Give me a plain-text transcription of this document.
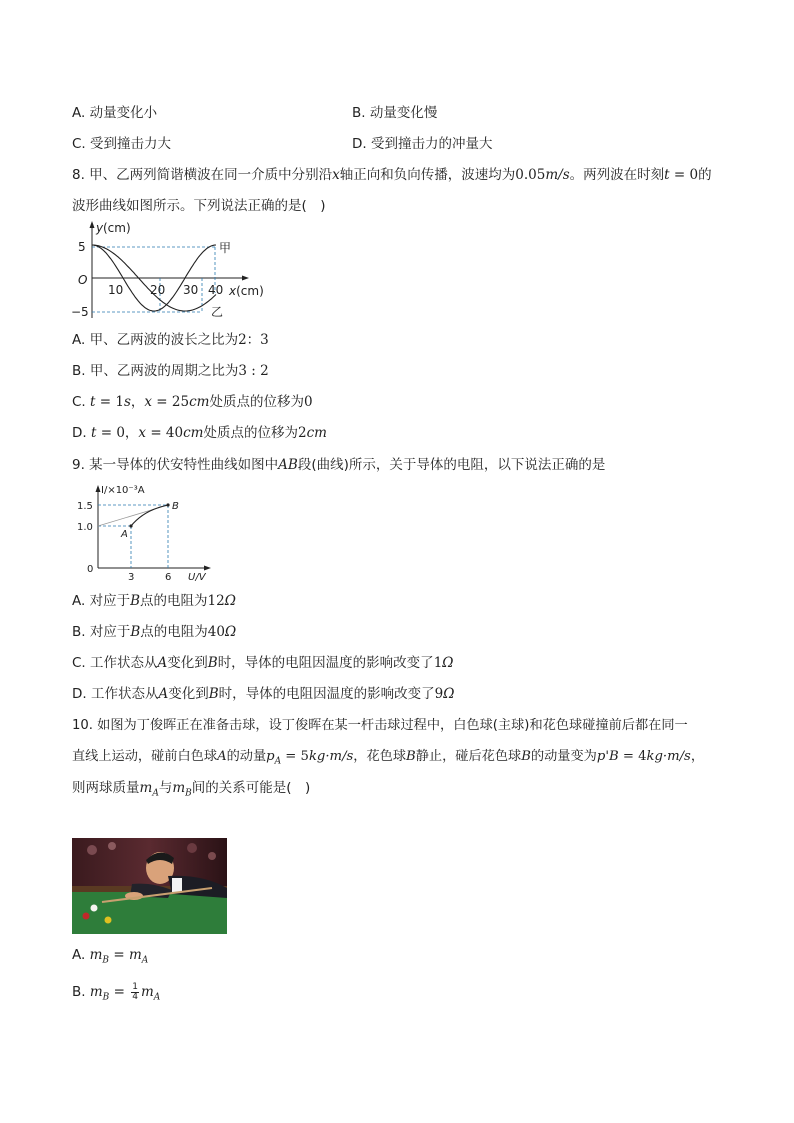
A. 动量变化小	B. 动量变化慢
C. 受到撞击力大	D. 受到撞击力的冲量大
8. 甲、乙两列简谐横波在同一介质中分别沿x轴正向和负向传播，波速均为0.05m/s。两列波在时刻t = 0的
波形曲线如图所示。下列说法正确的是(　)
y (cm)
5
−5
O
10 20 30 40 x(cm)
甲
乙
A. 甲、乙两波的波长之比为2：3
B. 甲、乙两波的周期之比为3 : 2
C. t = 1s，x = 25cm处质点的位移为0
D. t = 0，x = 40cm处质点的位移为2cm
9. 某一导体的伏安特性曲线如图中AB段(曲线)所示，关于导体的电阻，以下说法正确的是
I/×10⁻³A
1.5
1.0
0
3	6 U/V
A
B
A. 对应于B点的电阻为12Ω
B. 对应于B点的电阻为40Ω
C. 工作状态从A变化到B时，导体的电阻因温度的影响改变了1Ω
D. 工作状态从A变化到B时，导体的电阻因温度的影响改变了9Ω
10. 如图为丁俊晖正在准备击球，设丁俊晖在某一杆击球过程中，白色球(主球)和花色球碰撞前后都在同一
直线上运动，碰前白色球A的动量$p_A = 5kg\cdot m/s$，花色球B静止，碰后花色球B的动量变为p'B = 4kg·m/s，
则两球质量$m_A$与$m_B$间的关系可能是(　)
A. $m_B = m_A$
B. $m_B = \frac{1}{4} m_A$
